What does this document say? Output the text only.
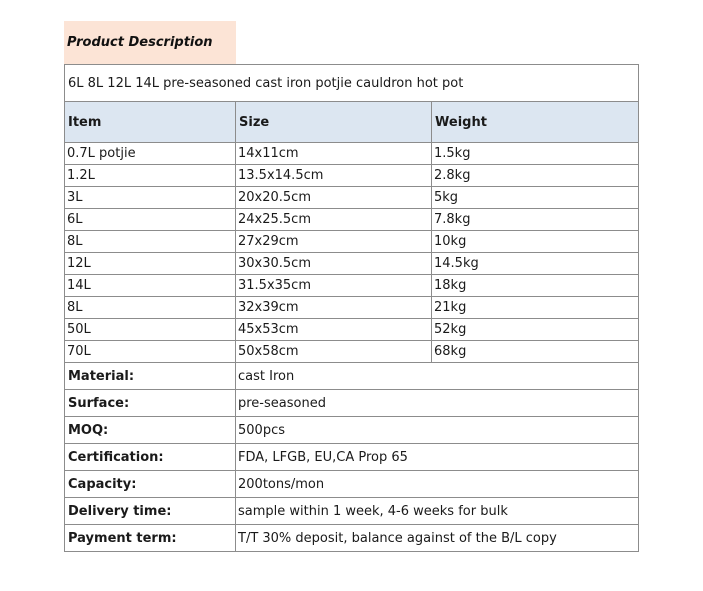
Product Description
6L 8L 12L 14L pre-seasoned cast iron potjie cauldron hot pot		
Item	Size	Weight
0.7L potjie	14x11cm	1.5kg
1.2L	13.5x14.5cm	2.8kg
3L	20x20.5cm	5kg
6L	24x25.5cm	7.8kg
8L	27x29cm	10kg
12L	30x30.5cm	14.5kg
14L	31.5x35cm	18kg
8L	32x39cm	21kg
50L	45x53cm	52kg
70L	50x58cm	68kg
Material:	cast Iron	
Surface:	pre-seasoned	
MOQ:	500pcs	
Certification:	FDA, LFGB, EU,CA Prop 65	
Capacity:	200tons/mon	
Delivery time:	sample within 1 week, 4-6 weeks for bulk	
Payment term:	T/T 30% deposit, balance against of the B/L copy	
